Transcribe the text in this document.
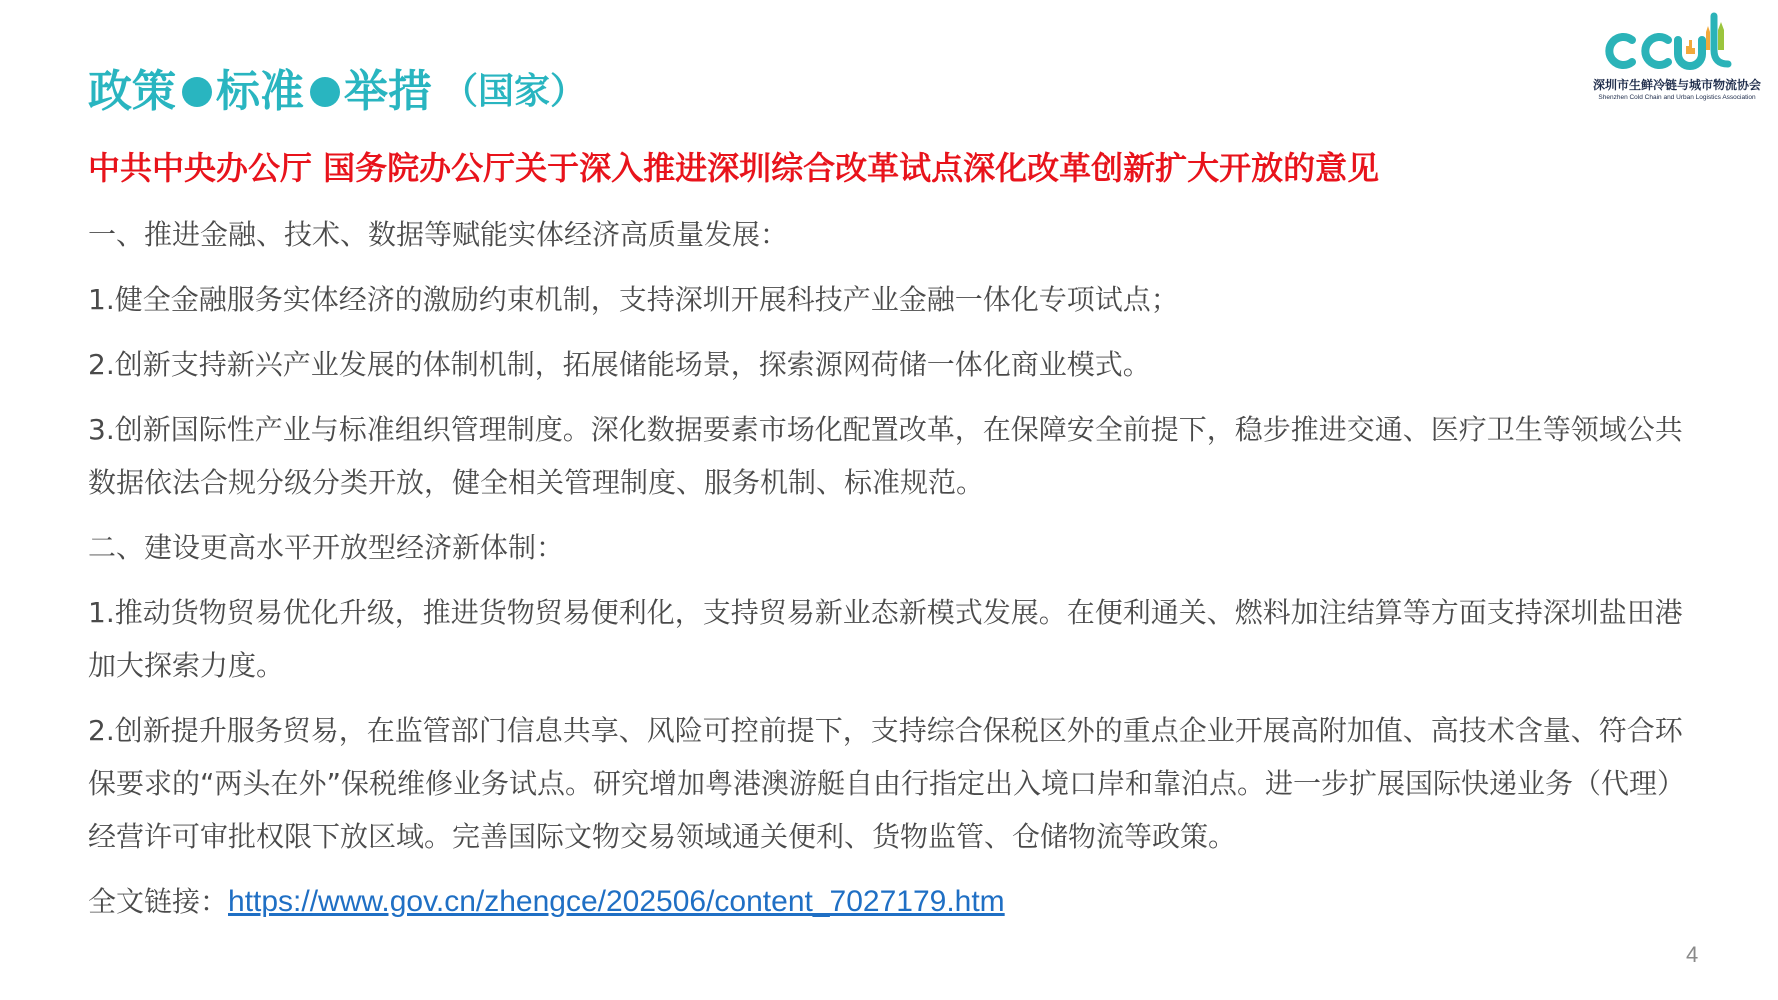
政策 标准 举措 （国家）	深圳市生鲜冷链与城市物流协会
Shenzhen Cold Chain and Urban Logistics Association
中共中央办公厅 国务院办公厅关于深入推进深圳综合改革试点深化改革创新扩大开放的意见

一、推进金融、技术、数据等赋能实体经济高质量发展：

1.健全金融服务实体经济的激励约束机制，支持深圳开展科技产业金融一体化专项试点；

2.创新支持新兴产业发展的体制机制，拓展储能场景，探索源网荷储一体化商业模式。

3.创新国际性产业与标准组织管理制度。深化数据要素市场化配置改革，在保障安全前提下，稳步推进交通、医疗卫生等领域公共数据依法合规分级分类开放，健全相关管理制度、服务机制、标准规范。

二、建设更高水平开放型经济新体制：

1.推动货物贸易优化升级，推进货物贸易便利化，支持贸易新业态新模式发展。在便利通关、燃料加注结算等方面支持深圳盐田港加大探索力度。

2.创新提升服务贸易，在监管部门信息共享、风险可控前提下，支持综合保税区外的重点企业开展高附加值、高技术含量、符合环保要求的“两头在外”保税维修业务试点。研究增加粤港澳游艇自由行指定出入境口岸和靠泊点。进一步扩展国际快递业务（代理）经营许可审批权限下放区域。完善国际文物交易领域通关便利、货物监管、仓储物流等政策。

全文链接：https://www.gov.cn/zhengce/202506/content_7027179.htm
4
